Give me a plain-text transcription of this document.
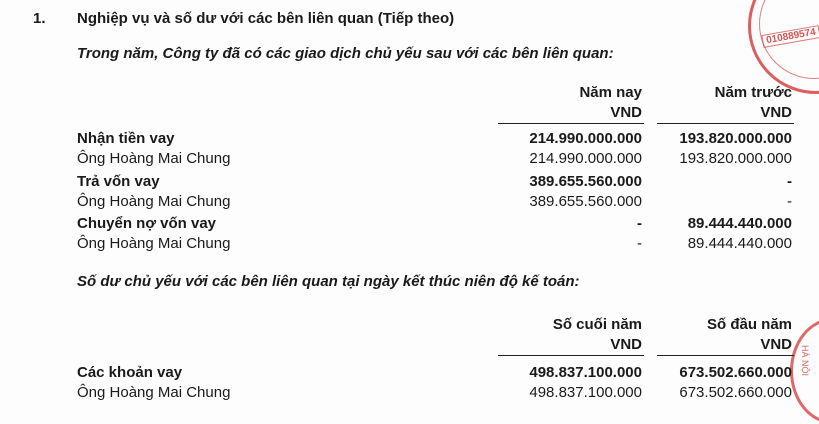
010889574
HÀ NỘI
1. Nghiệp vụ và số dư với các bên liên quan (Tiếp theo)
Trong năm, Công ty đã có các giao dịch chủ yếu sau với các bên liên quan:
Năm nay	Năm trước
VND	VND
Nhận tiền vay	214.990.000.000	193.820.000.000
Ông Hoàng Mai Chung	214.990.000.000	193.820.000.000
Trả vốn vay	389.655.560.000	-
Ông Hoàng Mai Chung	389.655.560.000	-
Chuyển nợ vốn vay	-	89.444.440.000
Ông Hoàng Mai Chung	-	89.444.440.000
Số dư chủ yếu với các bên liên quan tại ngày kết thúc niên độ kế toán:
Số cuối năm	Số đầu năm
VND	VND
Các khoản vay	498.837.100.000	673.502.660.000
Ông Hoàng Mai Chung	498.837.100.000	673.502.660.000
